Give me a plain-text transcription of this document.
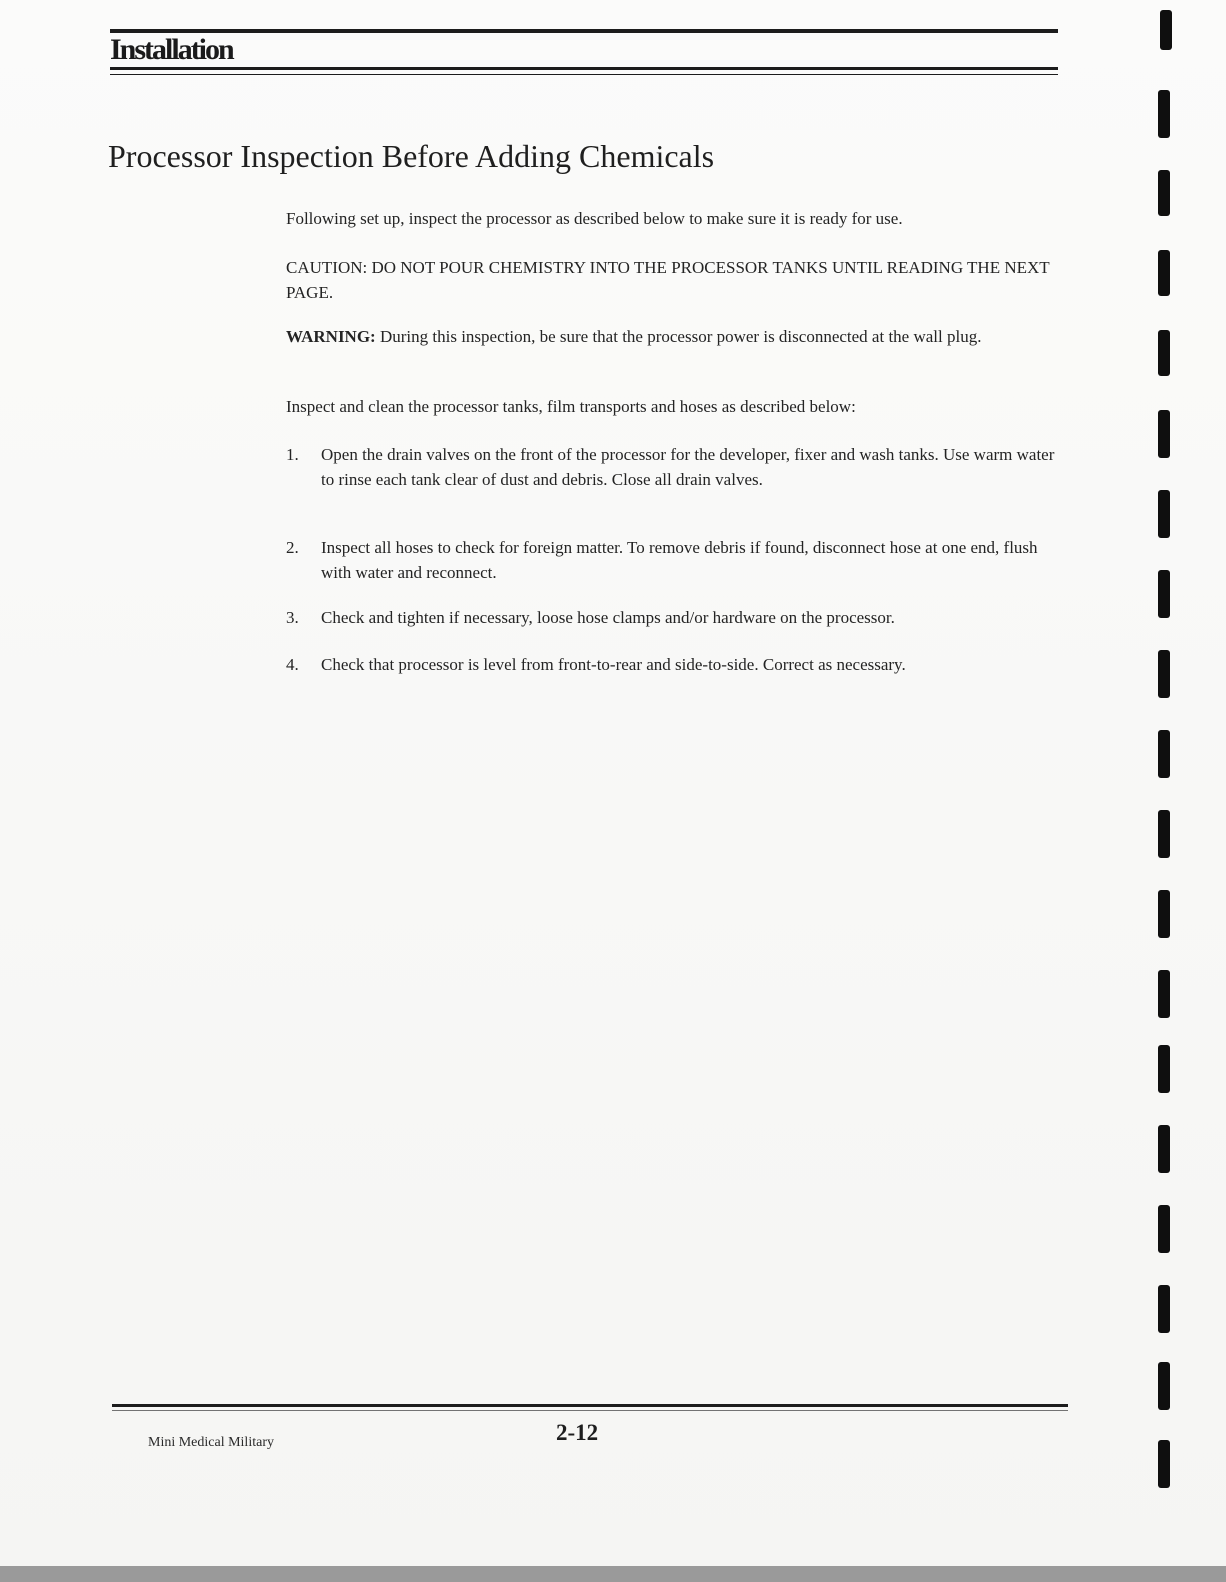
Installation
Processor Inspection Before Adding Chemicals
Following set up, inspect the processor as described below to make sure it is ready for use.
CAUTION: DO NOT POUR CHEMISTRY INTO THE PROCESSOR TANKS UNTIL READING THE NEXT PAGE.
WARNING: During this inspection, be sure that the processor power is disconnected at the wall plug.
Inspect and clean the processor tanks, film transports and hoses as described below:
1. Open the drain valves on the front of the processor for the developer, fixer and wash tanks. Use warm water to rinse each tank clear of dust and debris. Close all drain valves.
2. Inspect all hoses to check for foreign matter. To remove debris if found, disconnect hose at one end, flush with water and reconnect.
3. Check and tighten if necessary, loose hose clamps and/or hardware on the processor.
4. Check that processor is level from front-to-rear and side-to-side. Correct as necessary.
Mini Medical Military	2-12
